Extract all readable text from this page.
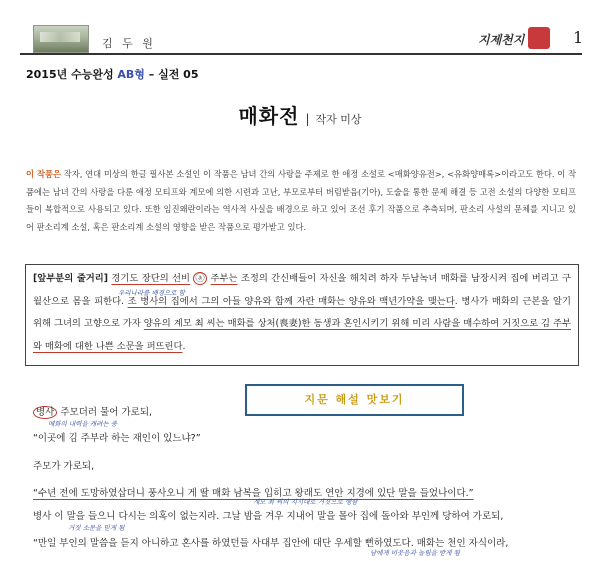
김 두 원	지제천지	1
2015년 수능완성 AB형 – 실전 05
매화전 | 작자 미상
이 작품은 작자, 연대 미상의 한글 필사본 소설인 이 작품은 남녀 간의 사랑을 주제로 한 애정 소설로 <매화양유전>, <유화양매록>이라고도 한다. 이 작품에는 남녀 간의 사랑을 다룬 애정 모티프와 계모에 의한 시련과 고난, 부모로부터 버림받음(기아), 도술을 통한 문제 해결 등 고전 소설의 다양한 모티프들이 복합적으로 사용되고 있다. 또한 임진왜란이라는 역사적 사실을 배경으로 하고 있어 조선 후기 작품으로 추측되며, 판소리 사설의 문체를 지니고 있어 판소리계 소설, 혹은 판소리계 소설의 영향을 받은 작품으로 평가받고 있다.
[앞부분의 줄거리] 경기도 장단의 선비 ⓐ 주부는 조정의 간신배들이 자신을 해치려 하자 두남녹녀 매화를 남장시켜 집에 버리고 구월산으로 몸을 피한다. 조 병사의 집에서 그의 아들 양유와 함께 자란 매화는 양유와 백년가약을 맺는다. 병사가 매화의 근본을 알기 위해 그녀의 고향으로 가자 양유의 계모 최 씨는 매화를 상처(喪妻)한 동생과 혼인시키기 위해 미리 사람을 매수하여 거짓으로 김 주부와 매화에 대한 나쁜 소문을 퍼뜨린다.
우리나라를 배경으로 함
지문 해설 맛보기
병사 주모더러 물어 가로되,
매화의 내력을 캐려는 중
“이곳에 김 주부라 하는 재인이 있느냐?”
주모가 가로되,
“수년 전에 도망하였삽더니 풍사오니 게 딸 매화 남복을 입히고 왕래도 연안 지경에 있단 말을 들었나이다.”
계모 최 씨의 지시대로 거짓으로 행함
병사 이 말을 들으니 다시는 의혹이 없는지라. 그날 밤을 겨우 지내어 말을 몰아 집에 돌아와 부인께 당하여 가로되,
거짓 소문을 믿게 됨
“만일 부인의 말씀을 듣지 아니하고 혼사를 하였던들 사대부 집안에 대단 우세할 뻔하였도다. 매화는 천인 자식이라,
남에게 비웃음과 놀림을 받게 됨
